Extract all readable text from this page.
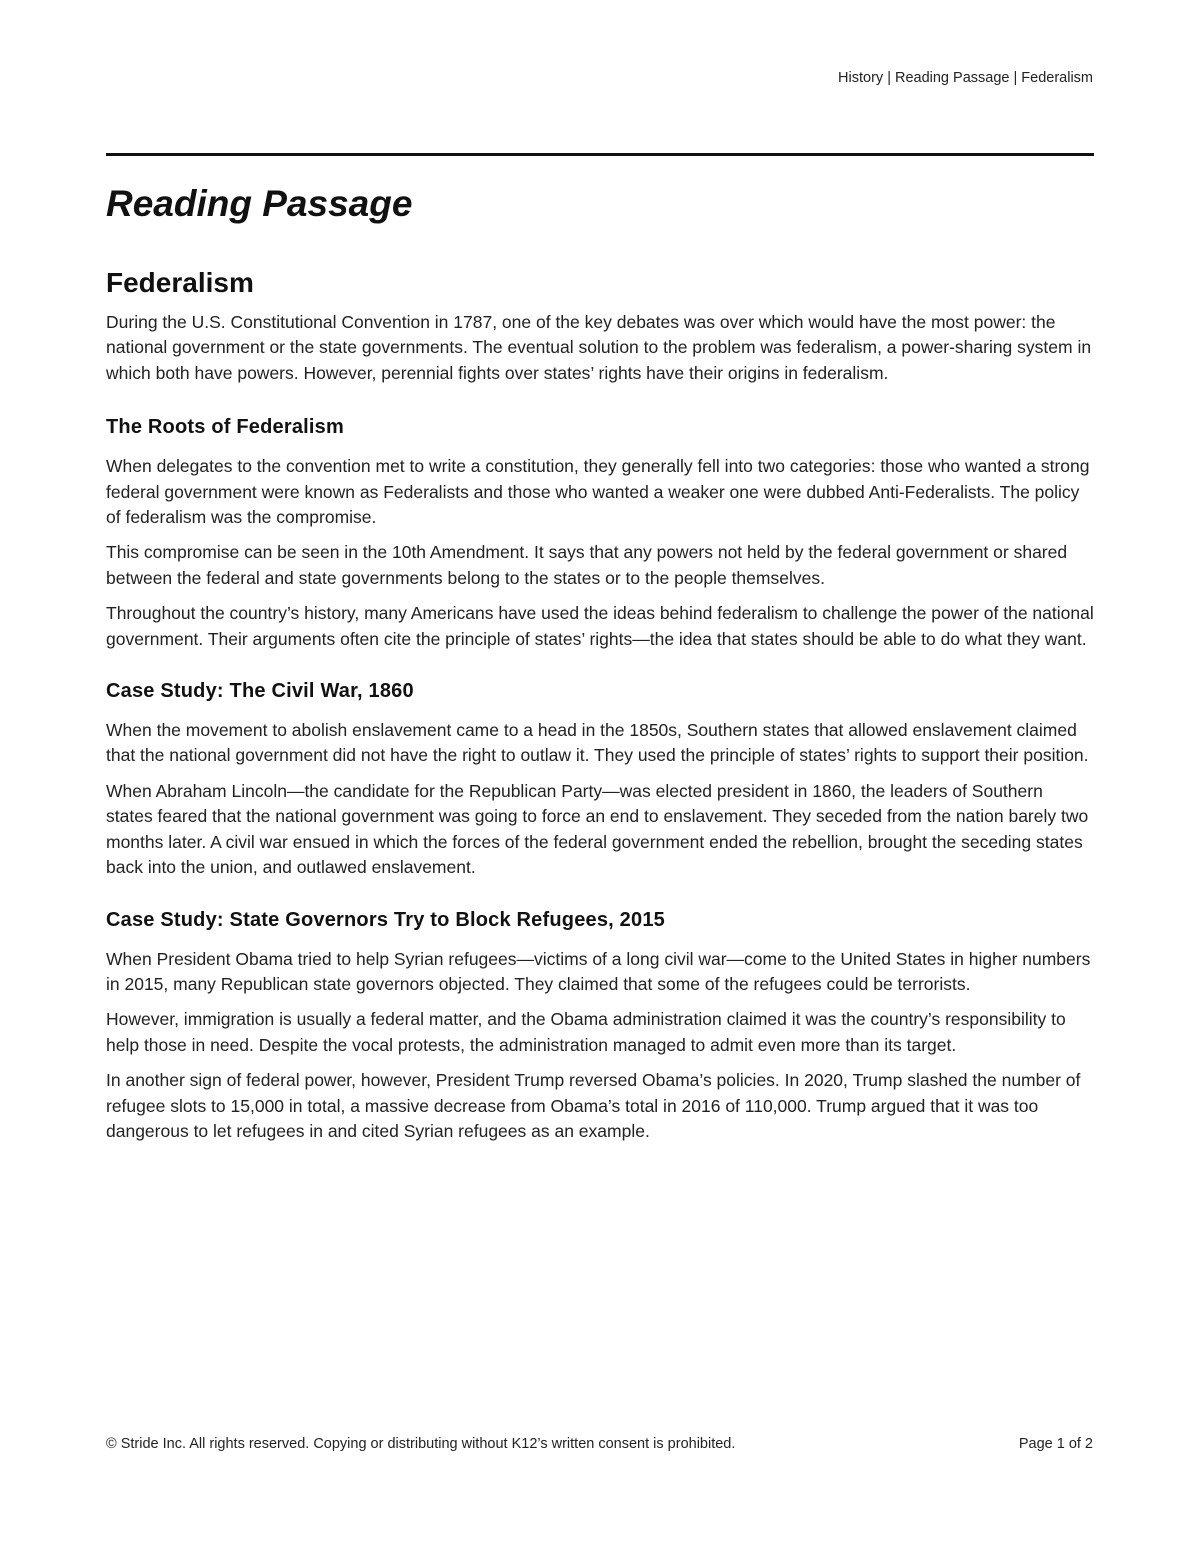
History | Reading Passage | Federalism
Reading Passage
Federalism

During the U.S. Constitutional Convention in 1787, one of the key debates was over which would have the most power: the national government or the state governments. The eventual solution to the problem was federalism, a power-sharing system in which both have powers. However, perennial fights over states’ rights have their origins in federalism.

The Roots of Federalism

When delegates to the convention met to write a constitution, they generally fell into two categories: those who wanted a strong federal government were known as Federalists and those who wanted a weaker one were dubbed Anti-Federalists. The policy of federalism was the compromise.

This compromise can be seen in the 10th Amendment. It says that any powers not held by the federal government or shared between the federal and state governments belong to the states or to the people themselves.

Throughout the country’s history, many Americans have used the ideas behind federalism to challenge the power of the national government. Their arguments often cite the principle of states’ rights—the idea that states should be able to do what they want.

Case Study: The Civil War, 1860

When the movement to abolish enslavement came to a head in the 1850s, Southern states that allowed enslavement claimed that the national government did not have the right to outlaw it. They used the principle of states’ rights to support their position.

When Abraham Lincoln—the candidate for the Republican Party—was elected president in 1860, the leaders of Southern states feared that the national government was going to force an end to enslavement. They seceded from the nation barely two months later. A civil war ensued in which the forces of the federal government ended the rebellion, brought the seceding states back into the union, and outlawed enslavement.

Case Study: State Governors Try to Block Refugees, 2015

When President Obama tried to help Syrian refugees—victims of a long civil war—come to the United States in higher numbers in 2015, many Republican state governors objected. They claimed that some of the refugees could be terrorists.

However, immigration is usually a federal matter, and the Obama administration claimed it was the country’s responsibility to help those in need. Despite the vocal protests, the administration managed to admit even more than its target.

In another sign of federal power, however, President Trump reversed Obama’s policies. In 2020, Trump slashed the number of refugee slots to 15,000 in total, a massive decrease from Obama’s total in 2016 of 110,000. Trump argued that it was too dangerous to let refugees in and cited Syrian refugees as an example.

© Stride Inc. All rights reserved. Copying or distributing without K12’s written consent is prohibited.	Page 1 of 2
